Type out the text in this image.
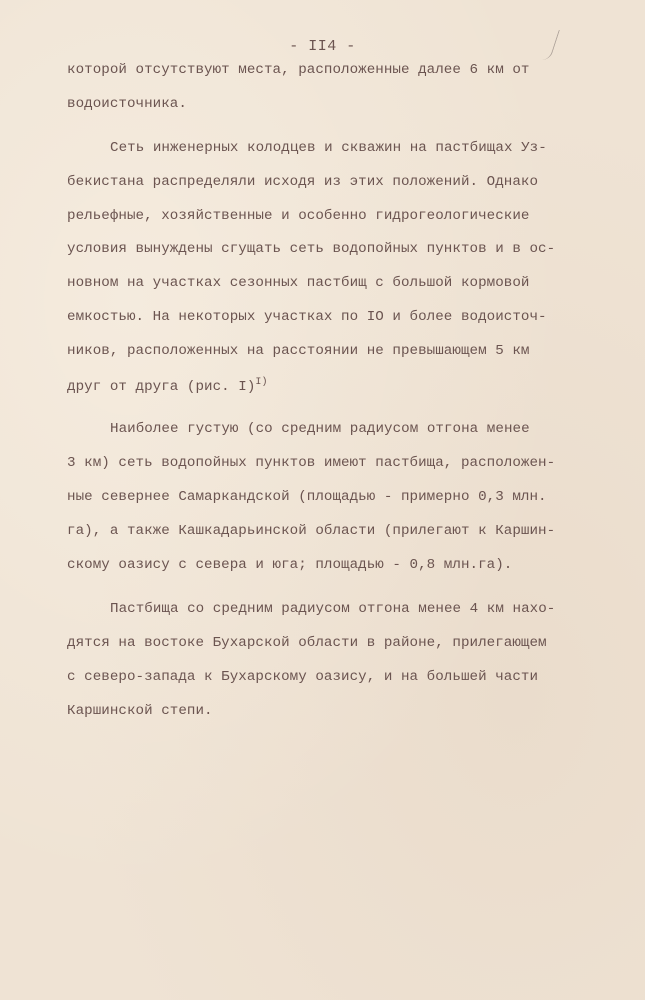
- II4 -
которой отсутствуют места, расположенные далее 6 км от
водоисточника.
Сеть инженерных колодцев и скважин на пастбищах Уз-
бекистана распределяли исходя из этих положений. Однако
рельефные, хозяйственные и особенно гидрогеологические
условия вынуждены сгущать сеть водопойных пунктов и в ос-
новном на участках сезонных пастбищ с большой кормовой
емкостью. На некоторых участках по IO и более водоисточ-
ников, расположенных на расстоянии не превышающем 5 км
друг от друга (рис. I)$^{I)}$
Наиболее густую (со средним радиусом отгона менее
3 км) сеть водопойных пунктов имеют пастбища, расположен-
ные севернее Самаркандской (площадью - примерно 0,3 млн.
га), а также Кашкадарьинской области (прилегают к Каршин-
скому оазису с севера и юга; площадью - 0,8 млн.га).
Пастбища со средним радиусом отгона менее 4 км нахо-
дятся на востоке Бухарской области в районе, прилегающем
с северо-запада к Бухарскому оазису, и на большей части
Каршинской степи.
